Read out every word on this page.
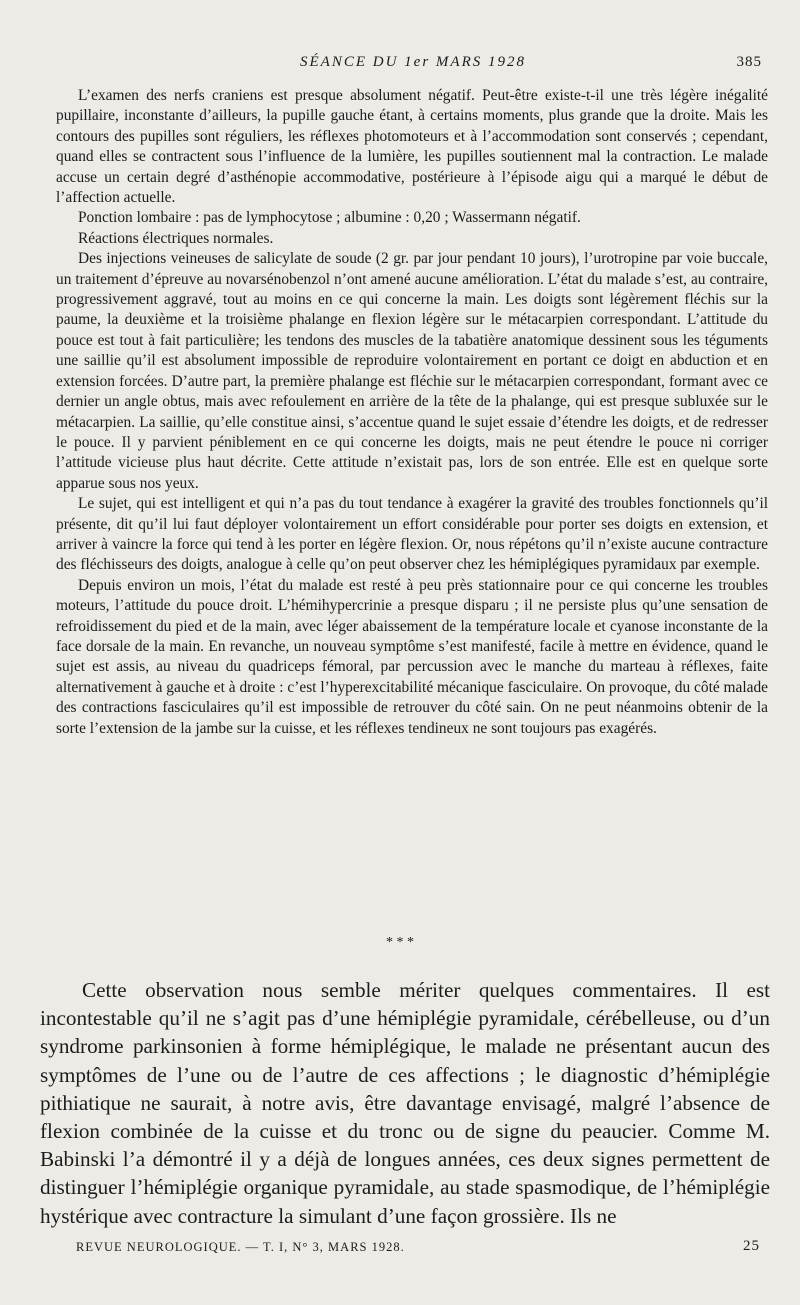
SÉANCE DU 1er MARS 1928	385

L’examen des nerfs craniens est presque absolument négatif. Peut-être existe-t-il une très légère inégalité pupillaire, inconstante d’ailleurs, la pupille gauche étant, à certains moments, plus grande que la droite. Mais les contours des pupilles sont réguliers, les réflexes photomoteurs et à l’accommodation sont conservés ; cependant, quand elles se contractent sous l’influence de la lumière, les pupilles soutiennent mal la contraction. Le malade accuse un certain degré d’asthénopie accommodative, postérieure à l’épisode aigu qui a marqué le début de l’affection actuelle.

Ponction lombaire : pas de lymphocytose ; albumine : 0,20 ; Wassermann négatif.

Réactions électriques normales.

Des injections veineuses de salicylate de soude (2 gr. par jour pendant 10 jours), l’urotropine par voie buccale, un traitement d’épreuve au novarsénobenzol n’ont amené aucune amélioration. L’état du malade s’est, au contraire, progressivement aggravé, tout au moins en ce qui concerne la main. Les doigts sont légèrement fléchis sur la paume, la deuxième et la troisième phalange en flexion légère sur le métacarpien correspondant. L’attitude du pouce est tout à fait particulière; les tendons des muscles de la tabatière anatomique dessinent sous les téguments une saillie qu’il est absolument impossible de reproduire volontairement en portant ce doigt en abduction et en extension forcées. D’autre part, la première phalange est fléchie sur le métacarpien correspondant, formant avec ce dernier un angle obtus, mais avec refoulement en arrière de la tête de la phalange, qui est presque subluxée sur le métacarpien. La saillie, qu’elle constitue ainsi, s’accentue quand le sujet essaie d’étendre les doigts, et de redresser le pouce. Il y parvient péniblement en ce qui concerne les doigts, mais ne peut étendre le pouce ni corriger l’attitude vicieuse plus haut décrite. Cette attitude n’existait pas, lors de son entrée. Elle est en quelque sorte apparue sous nos yeux.

Le sujet, qui est intelligent et qui n’a pas du tout tendance à exagérer la gravité des troubles fonctionnels qu’il présente, dit qu’il lui faut déployer volontairement un effort considérable pour porter ses doigts en extension, et arriver à vaincre la force qui tend à les porter en légère flexion. Or, nous répétons qu’il n’existe aucune contracture des fléchisseurs des doigts, analogue à celle qu’on peut observer chez les hémiplégiques pyramidaux par exemple.

Depuis environ un mois, l’état du malade est resté à peu près stationnaire pour ce qui concerne les troubles moteurs, l’attitude du pouce droit. L’hémihypercrinie a presque disparu ; il ne persiste plus qu’une sensation de refroidissement du pied et de la main, avec léger abaissement de la température locale et cyanose inconstante de la face dorsale de la main. En revanche, un nouveau symptôme s’est manifesté, facile à mettre en évidence, quand le sujet est assis, au niveau du quadriceps fémoral, par percussion avec le manche du marteau à réflexes, faite alternativement à gauche et à droite : c’est l’hyperexcitabilité mécanique fasciculaire. On provoque, du côté malade des contractions fasciculaires qu’il est impossible de retrouver du côté sain. On ne peut néanmoins obtenir de la sorte l’extension de la jambe sur la cuisse, et les réflexes tendineux ne sont toujours pas exagérés.

* * *

Cette observation nous semble mériter quelques commentaires. Il est incontestable qu’il ne s’agit pas d’une hémiplégie pyramidale, cérébelleuse, ou d’un syndrome parkinsonien à forme hémiplégique, le malade ne présentant aucun des symptômes de l’une ou de l’autre de ces affections ; le diagnostic d’hémiplégie pithiatique ne saurait, à notre avis, être davantage envisagé, malgré l’absence de flexion combinée de la cuisse et du tronc ou de signe du peaucier. Comme M. Babinski l’a démontré il y a déjà de longues années, ces deux signes permettent de distinguer l’hémiplégie organique pyramidale, au stade spasmodique, de l’hémiplégie hystérique avec contracture la simulant d’une façon grossière. Ils ne

REVUE NEUROLOGIQUE. — T. I, N° 3, MARS 1928.	25
